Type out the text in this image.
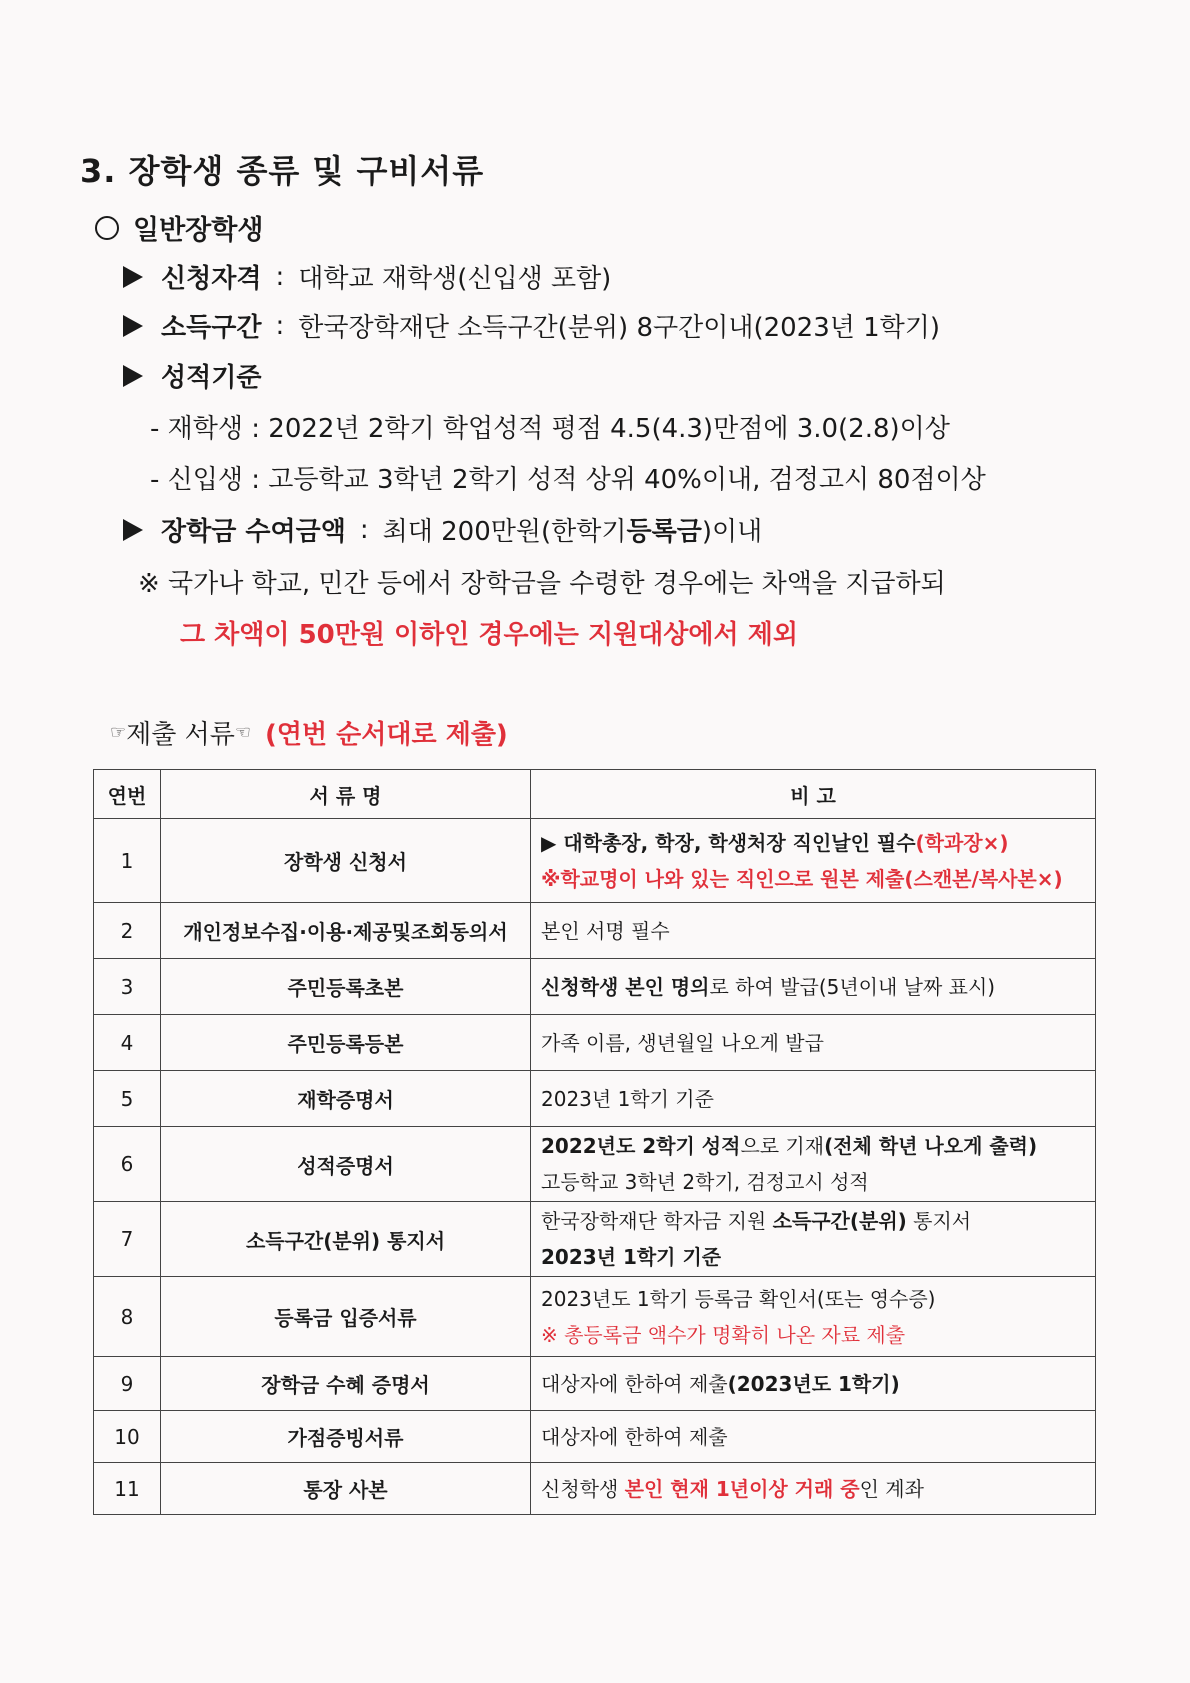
3. 장학생 종류 및 구비서류
일반장학생
신청자격 : 대학교 재학생(신입생 포함)
소득구간 : 한국장학재단 소득구간(분위) 8구간이내(2023년 1학기)
성적기준
- 재학생 : 2022년 2학기 학업성적 평점 4.5(4.3)만점에 3.0(2.8)이상
- 신입생 : 고등학교 3학년 2학기 성적 상위 40%이내, 검정고시 80점이상
장학금 수여금액 : 최대 200만원(한학기 등록금 )이내
※ 국가나 학교, 민간 등에서 장학금을 수령한 경우에는 차액을 지급하되
그 차액이 50만원 이하인 경우에는 지원대상에서 제외
☞ 제출 서류 ☜ (연번 순서대로 제출)
연번	서 류 명	비 고
1	장학생 신청서	▶ 대학총장, 학장, 학생처장 직인날인 필수(학과장×)
※학교명이 나와 있는 직인으로 원본 제출(스캔본/복사본×)

2	개인정보수집·이용·제공및조회동의서	본인 서명 필수
3	주민등록초본	신청학생 본인 명의로 하여 발급(5년이내 날짜 표시)
4	주민등록등본	가족 이름, 생년월일 나오게 발급
5	재학증명서	2023년 1학기 기준
6	성적증명서	2022년도 2학기 성적으로 기재(전체 학년 나오게 출력)
고등학교 3학년 2학기, 검정고시 성적

7	소득구간(분위) 통지서	한국장학재단 학자금 지원 소득구간(분위) 통지서
2023년 1학기 기준

8	등록금 입증서류	2023년도 1학기 등록금 확인서(또는 영수증)
※ 총등록금 액수가 명확히 나온 자료 제출

9	장학금 수혜 증명서	대상자에 한하여 제출(2023년도 1학기)
10	가점증빙서류	대상자에 한하여 제출
11	통장 사본	신청학생 본인 현재 1년이상 거래 중인 계좌
